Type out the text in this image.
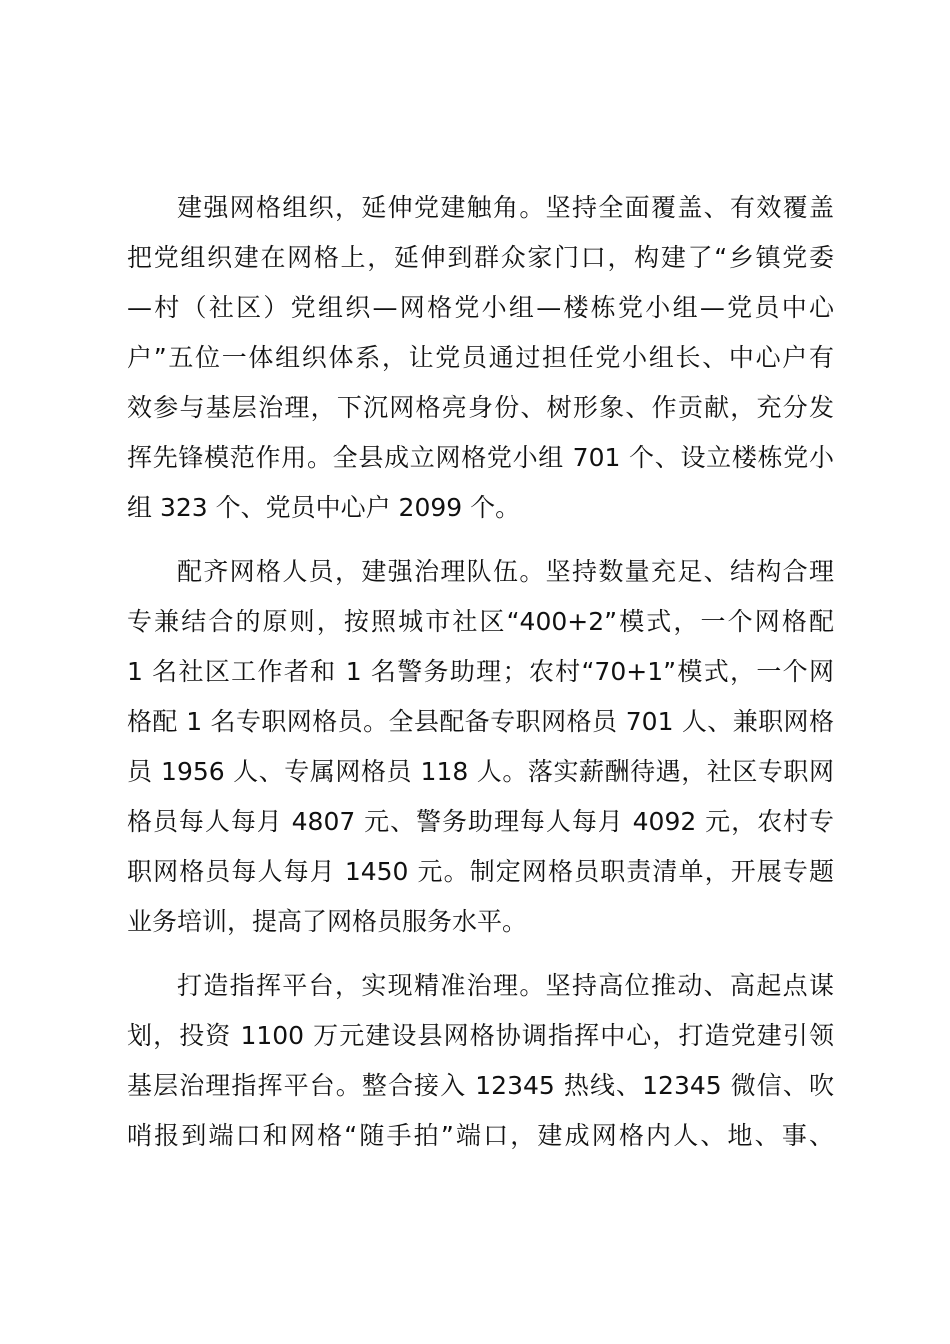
建强网格组织，延伸党建触角。坚持全面覆盖、有效覆盖
把党组织建在网格上，延伸到群众家门口，构建了“乡镇党委
—村（社区）党组织—网格党小组—楼栋党小组—党员中心
户”五位一体组织体系，让党员通过担任党小组长、中心户有
效参与基层治理，下沉网格亮身份、树形象、作贡献，充分发
挥先锋模范作用。全县成立网格党小组 701 个、设立楼栋党小
组 323 个、党员中心户 2099 个。
配齐网格人员，建强治理队伍。坚持数量充足、结构合理
专兼结合的原则，按照城市社区“400+2”模式，一个网格配
1 名社区工作者和 1 名警务助理；农村“70+1”模式，一个网
格配 1 名专职网格员。全县配备专职网格员 701 人、兼职网格
员 1956 人、专属网格员 118 人。落实薪酬待遇，社区专职网
格员每人每月 4807 元、警务助理每人每月 4092 元，农村专
职网格员每人每月 1450 元。制定网格员职责清单，开展专题
业务培训，提高了网格员服务水平。
打造指挥平台，实现精准治理。坚持高位推动、高起点谋
划，投资 1100 万元建设县网格协调指挥中心，打造党建引领
基层治理指挥平台。整合接入 12345 热线、12345 微信、吹
哨报到端口和网格“随手拍”端口，建成网格内人、地、事、
